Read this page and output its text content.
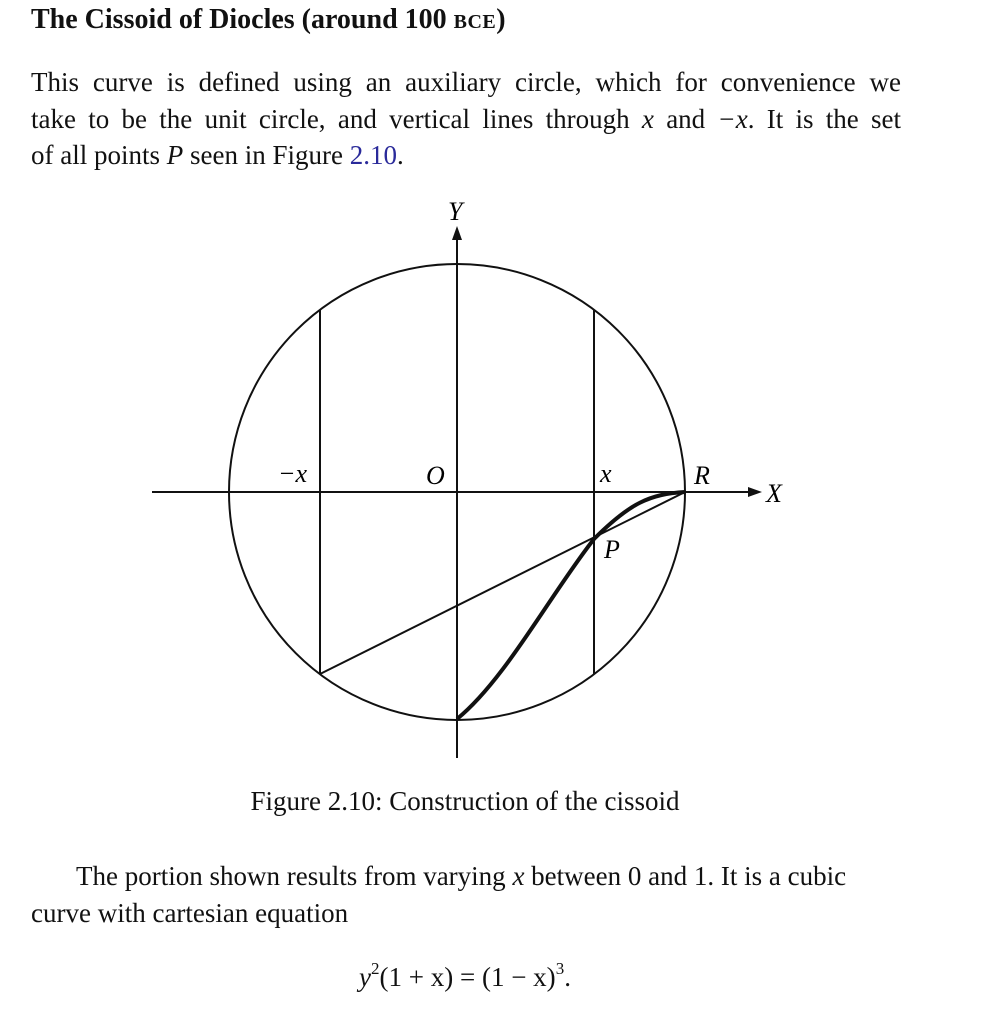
The Cissoid of Diocles (around 100 BCE)
This curve is defined using an auxiliary circle, which for convenience we
take to be the unit circle, and vertical lines through x and −x. It is the set
of all points P seen in Figure 2.10.
Y
X
−x	O	x	R
P

Figure 2.10: Construction of the cissoid

The portion shown results from varying x between 0 and 1. It is a cubic
curve with cartesian equation

$y^2(1 + x) = (1 - x)^3$.
